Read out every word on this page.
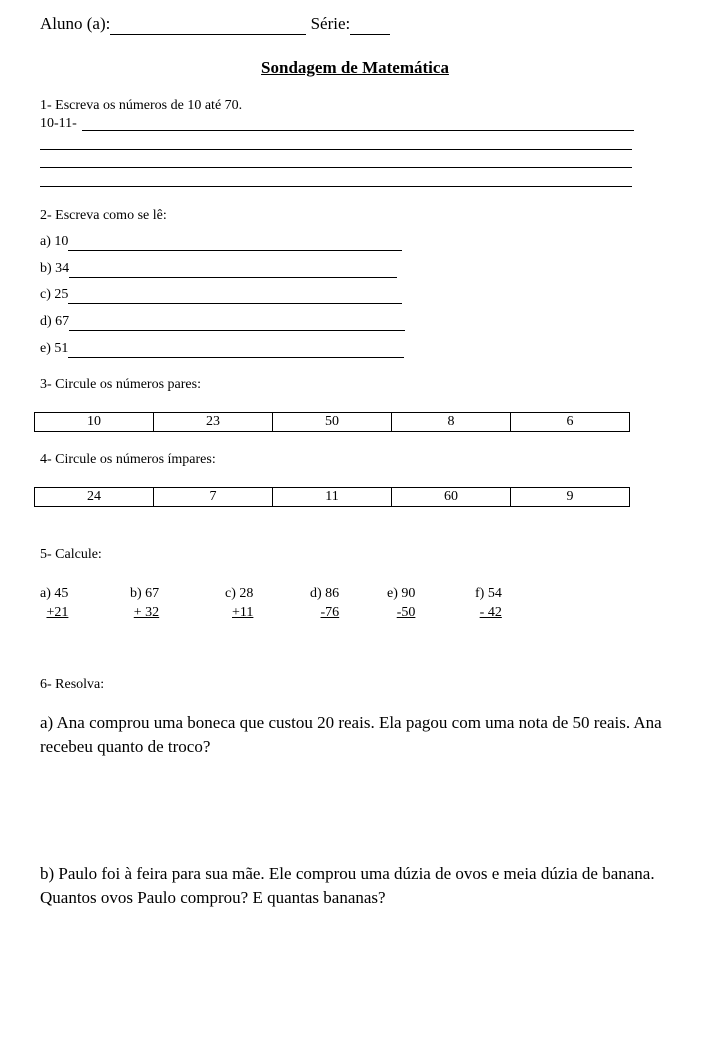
Aluno (a):	Série:
Sondagem de Matemática
1- Escreva os números de 10 até 70.
10-11-
2- Escreva como se lê:
a) 10
b) 34
c) 25
d) 67
e) 51
3- Circule os números pares:
10	23	50	8	6
4- Circule os números ímpares:
24	7	11	60	9
5- Calcule:
a) 45
+21
b) 67
+ 32
c) 28
+11
d) 86
-76
e) 90
-50
f) 54
- 42
6- Resolva:
a) Ana comprou uma boneca que custou 20 reais. Ela pagou com uma nota de 50 reais. Ana recebeu quanto de troco?
b) Paulo foi à feira para sua mãe. Ele comprou uma dúzia de ovos e meia dúzia de banana. Quantos ovos Paulo comprou? E quantas bananas?
